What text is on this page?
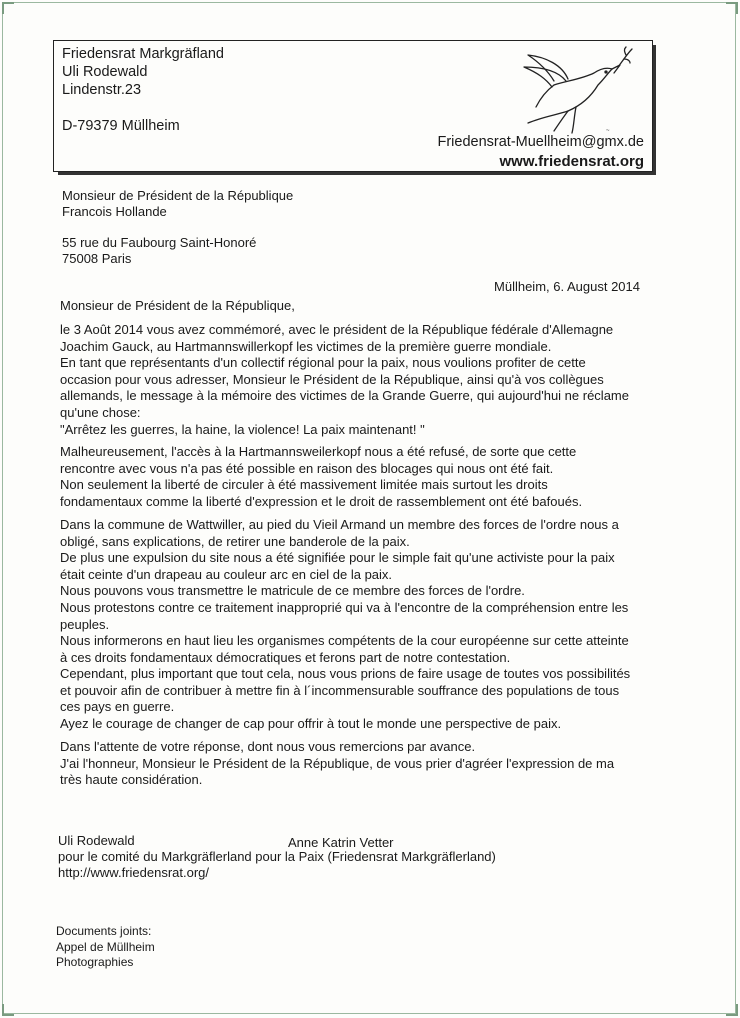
Friedensrat Markgräfland
Uli Rodewald
Lindenstr.23
D-79379 Müllheim	~
Friedensrat-Muellheim@gmx.de
www.friedensrat.org
Monsieur de Président de la République
Francois Hollande
55 rue du Faubourg Saint-Honoré
75008 Paris
Müllheim, 6. August 2014
Monsieur de Président de la République,

le 3 Août 2014 vous avez commémoré, avec le président de la République fédérale d'Allemagne

Joachim Gauck, au Hartmannswillerkopf les victimes de la première guerre mondiale.

En tant que représentants d'un collectif régional pour la paix, nous voulions profiter de cette

occasion pour vous adresser, Monsieur le Président de la République, ainsi qu'à vos collègues

allemands, le message à la mémoire des victimes de la Grande Guerre, qui aujourd'hui ne réclame

qu'une chose:

"Arrêtez les guerres, la haine, la violence! La paix maintenant! "

Malheureusement, l'accès à la Hartmannsweilerkopf nous a été refusé, de sorte que cette

rencontre avec vous n'a pas été possible en raison des blocages qui nous ont été fait.

Non seulement la liberté de circuler à été massivement limitée mais surtout les droits

fondamentaux comme la liberté d'expression et le droit de rassemblement ont été bafoués.

Dans la commune de Wattwiller, au pied du Vieil Armand un membre des forces de l'ordre nous a

obligé, sans explications, de retirer une banderole de la paix.

De plus une expulsion du site nous a été signifiée pour le simple fait qu'une activiste pour la paix

était ceinte d'un drapeau au couleur arc en ciel de la paix.

Nous pouvons vous transmettre le matricule de ce membre des forces de l'ordre.

Nous protestons contre ce traitement inapproprié qui va à l'encontre de la compréhension entre les

peuples.

Nous informerons en haut lieu les organismes compétents de la cour européenne sur cette atteinte

à ces droits fondamentaux démocratiques et ferons part de notre contestation.

Cependant, plus important que tout cela, nous vous prions de faire usage de toutes vos possibilités

et pouvoir afin de contribuer à mettre fin à l´incommensurable souffrance des populations de tous

ces pays en guerre.

Ayez le courage de changer de cap pour offrir à tout le monde une perspective de paix.

Dans l'attente de votre réponse, dont nous vous remercions par avance.

J'ai l'honneur, Monsieur le Président de la République, de vous prier d'agréer l'expression de ma

très haute considération.

Uli Rodewald	Anne Katrin Vetter
pour le comité du Markgräflerland pour la Paix (Friedensrat Markgräflerland)
http://www.friedensrat.org/
Documents joints:
Appel de Müllheim
Photographies
